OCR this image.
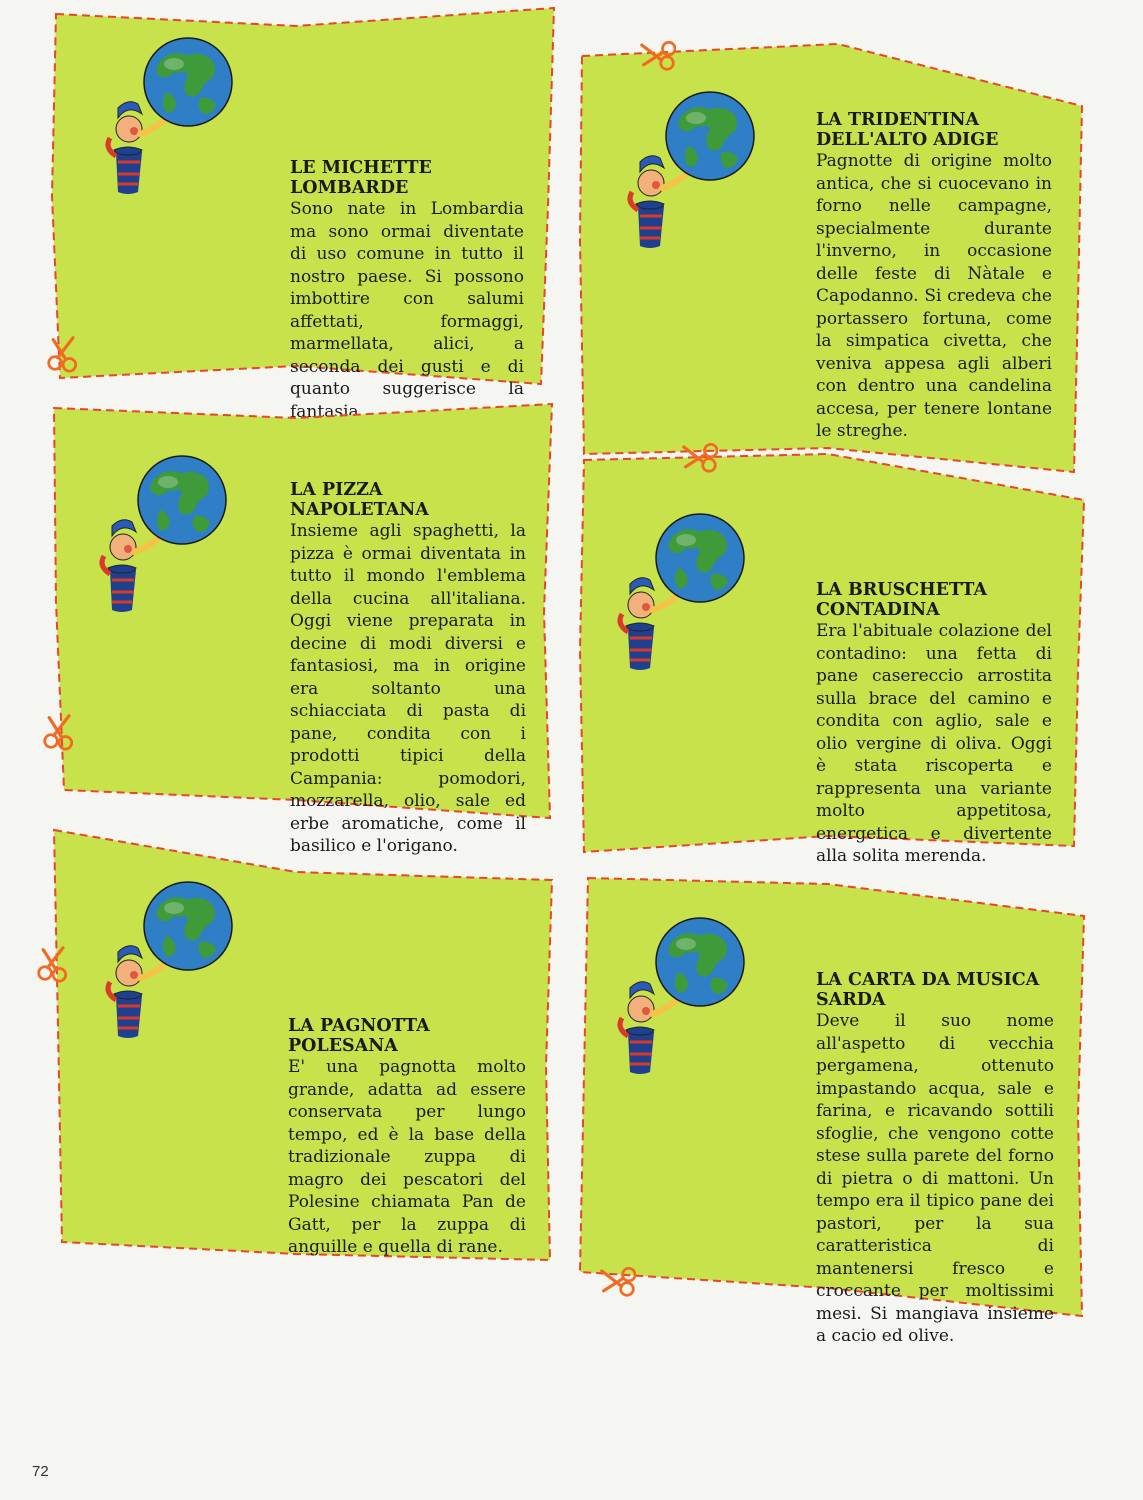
LE MICHETTE
LOMBARDE
Sono nate in Lombardia ma sono ormai diventate di uso comune in tutto il nostro paese. Si possono imbottire con salumi affettati, formaggi, marmellata, alici, a seconda dei gusti e di quanto suggerisce la fantasia.
LA TRIDENTINA
DELL'ALTO ADIGE
Pagnotte di origine molto antica, che si cuocevano in forno nelle campagne, specialmente durante l'inverno, in occasione delle feste di Nàtale e Capodanno. Si credeva che portassero fortuna, come la simpatica civetta, che veniva appesa agli alberi con dentro una candelina accesa, per tenere lontane le streghe.
LA PIZZA
NAPOLETANA
Insieme agli spaghetti, la pizza è ormai diventata in tutto il mondo l'emblema della cucina all'italiana. Oggi viene preparata in decine di modi diversi e fantasiosi, ma in origine era soltanto una schiacciata di pasta di pane, condita con i prodotti tipici della Campania: pomodori, mozzarella, olio, sale ed erbe aromatiche, come il basilico e l'origano.
LA BRUSCHETTA
CONTADINA
Era l'abituale colazione del contadino: una fetta di pane casereccio arrostita sulla brace del camino e condita con aglio, sale e olio vergine di oliva. Oggi è stata riscoperta e rappresenta una variante molto appetitosa, energetica e divertente alla solita merenda.
LA PAGNOTTA
POLESANA
E' una pagnotta molto grande, adatta ad essere conservata per lungo tempo, ed è la base della tradizionale zuppa di magro dei pescatori del Polesine chiamata Pan de Gatt, per la zuppa di anguille e quella di rane.
LA CARTA DA MUSICA
SARDA
Deve il suo nome all'aspetto di vecchia pergamena, ottenuto impastando acqua, sale e farina, e ricavando sottili sfoglie, che vengono cotte stese sulla parete del forno di pietra o di mattoni. Un tempo era il tipico pane dei pastori, per la sua caratteristica di mantenersi fresco e croccante per moltissimi mesi. Si mangiava insieme a cacio ed olive.
72
